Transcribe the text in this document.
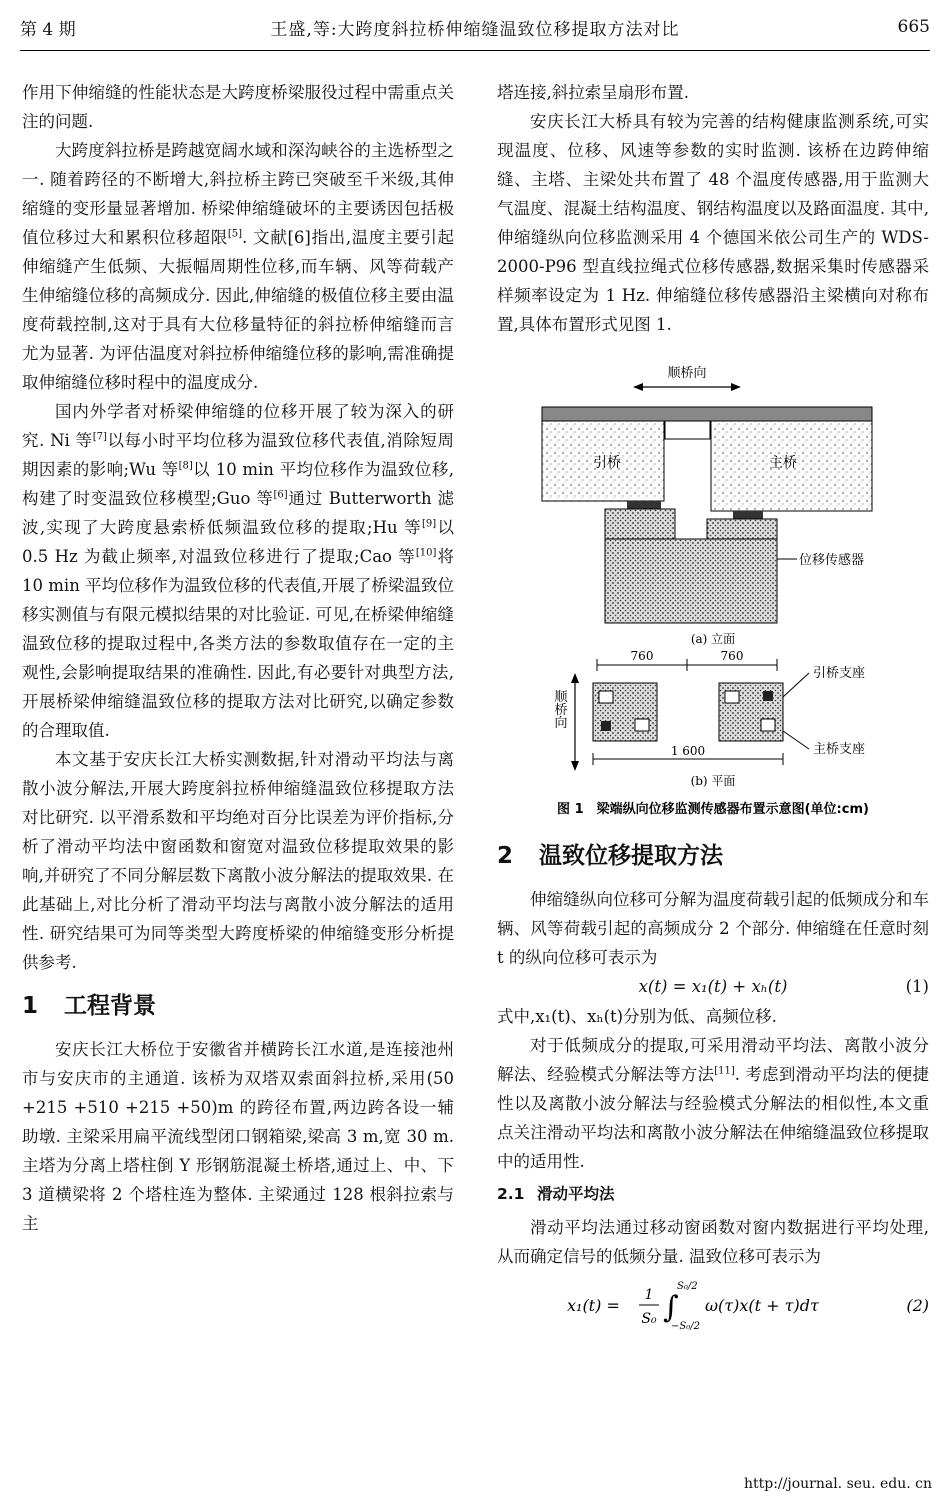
第 4 期	王盛,等:大跨度斜拉桥伸缩缝温致位移提取方法对比	665

作用下伸缩缝的性能状态是大跨度桥梁服役过程中需重点关注的问题.

大跨度斜拉桥是跨越宽阔水域和深沟峡谷的主选桥型之一. 随着跨径的不断增大,斜拉桥主跨已突破至千米级,其伸缩缝的变形量显著增加. 桥梁伸缩缝破坏的主要诱因包括极值位移过大和累积位移超限[5]. 文献[6]指出,温度主要引起伸缩缝产生低频、大振幅周期性位移,而车辆、风等荷载产生伸缩缝位移的高频成分. 因此,伸缩缝的极值位移主要由温度荷载控制,这对于具有大位移量特征的斜拉桥伸缩缝而言尤为显著. 为评估温度对斜拉桥伸缩缝位移的影响,需准确提取伸缩缝位移时程中的温度成分.

国内外学者对桥梁伸缩缝的位移开展了较为深入的研究. Ni 等[7]以每小时平均位移为温致位移代表值,消除短周期因素的影响;Wu 等[8]以 10 min 平均位移作为温致位移,构建了时变温致位移模型;Guo 等[6]通过 Butterworth 滤波,实现了大跨度悬索桥低频温致位移的提取;Hu 等[9]以 0.5 Hz 为截止频率,对温致位移进行了提取;Cao 等[10]将 10 min 平均位移作为温致位移的代表值,开展了桥梁温致位移实测值与有限元模拟结果的对比验证. 可见,在桥梁伸缩缝温致位移的提取过程中,各类方法的参数取值存在一定的主观性,会影响提取结果的准确性. 因此,有必要针对典型方法,开展桥梁伸缩缝温致位移的提取方法对比研究,以确定参数的合理取值.

本文基于安庆长江大桥实测数据,针对滑动平均法与离散小波分解法,开展大跨度斜拉桥伸缩缝温致位移提取方法对比研究. 以平滑系数和平均绝对百分比误差为评价指标,分析了滑动平均法中窗函数和窗宽对温致位移提取效果的影响,并研究了不同分解层数下离散小波分解法的提取效果. 在此基础上,对比分析了滑动平均法与离散小波分解法的适用性. 研究结果可为同等类型大跨度桥梁的伸缩缝变形分析提供参考.

1 工程背景

安庆长江大桥位于安徽省并横跨长江水道,是连接池州市与安庆市的主通道. 该桥为双塔双索面斜拉桥,采用(50 +215 +510 +215 +50)m 的跨径布置,两边跨各设一辅助墩. 主梁采用扁平流线型闭口钢箱梁,梁高 3 m,宽 30 m. 主塔为分离上塔柱倒 Y 形钢筋混凝土桥塔,通过上、中、下 3 道横梁将 2 个塔柱连为整体. 主梁通过 128 根斜拉索与主

塔连接,斜拉索呈扇形布置.

安庆长江大桥具有较为完善的结构健康监测系统,可实现温度、位移、风速等参数的实时监测. 该桥在边跨伸缩缝、主塔、主梁处共布置了 48 个温度传感器,用于监测大气温度、混凝土结构温度、钢结构温度以及路面温度. 其中,伸缩缝纵向位移监测采用 4 个德国米依公司生产的 WDS-2000-P96 型直线拉绳式位移传感器,数据采集时传感器采样频率设定为 1 Hz. 伸缩缝位移传感器沿主梁横向对称布置,具体布置形式见图 1.

顺桥向
引桥	主桥
位移传感器
(a) 立面
760	760
顺桥向
引桥支座
主桥支座
1 600
(b) 平面
图 1　梁端纵向位移监测传感器布置示意图(单位:cm)
2 温致位移提取方法

伸缩缝纵向位移可分解为温度荷载引起的低频成分和车辆、风等荷载引起的高频成分 2 个部分. 伸缩缝在任意时刻 t 的纵向位移可表示为

x(t) = x₁(t) + xₕ(t)	(1)

式中,x₁(t)、xₕ(t)分别为低、高频位移.

对于低频成分的提取,可采用滑动平均法、离散小波分解法、经验模式分解法等方法[11]. 考虑到滑动平均法的便捷性以及离散小波分解法与经验模式分解法的相似性,本文重点关注滑动平均法和离散小波分解法在伸缩缝温致位移提取中的适用性.

2.1 滑动平均法

滑动平均法通过移动窗函数对窗内数据进行平均处理,从而确定信号的低频分量. 温致位移可表示为

x₁(t) =
1
S₀ ∫
S₀/2
−S₀/2
ω(τ)x(t + τ)dτ	(2)
http://journal. seu. edu. cn
